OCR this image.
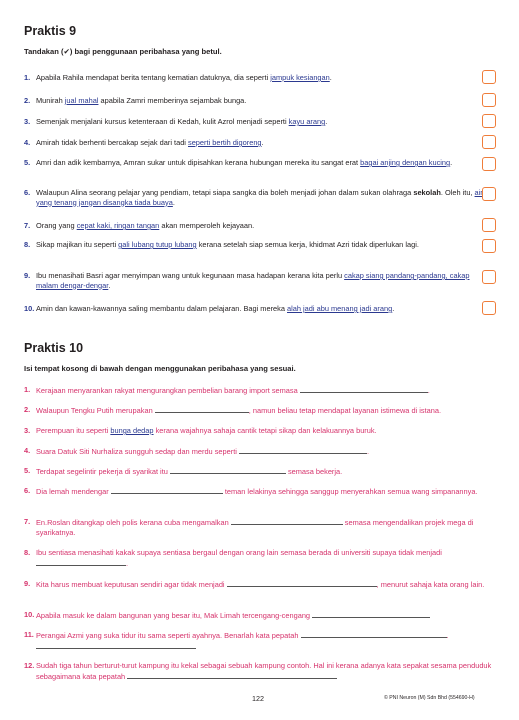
Praktis 9
Tandakan (✔) bagi penggunaan peribahasa yang betul.
1. Apabila Rahila mendapat berita tentang kematian datuknya, dia seperti jampuk kesiangan.
2. Munirah jual mahal apabila Zamri memberinya sejambak bunga.
3. Semenjak menjalani kursus ketenteraan di Kedah, kulit Azrol menjadi seperti kayu arang.
4. Amirah tidak berhenti bercakap sejak dari tadi seperti bertih digoreng.
5. Amri dan adik kembarnya, Amran sukar untuk dipisahkan kerana hubungan mereka itu sangat erat bagai anjing dengan kucing.
6. Walaupun Alina seorang pelajar yang pendiam, tetapi siapa sangka dia boleh menjadi johan dalam sukan olahraga sekolah. Oleh itu, air yang tenang jangan disangka tiada buaya.
7. Orang yang cepat kaki, ringan tangan akan memperoleh kejayaan.
8. Sikap majikan itu seperti gali lubang tutup lubang kerana setelah siap semua kerja, khidmat Azri tidak diperlukan lagi.
9. Ibu menasihati Basri agar menyimpan wang untuk kegunaan masa hadapan kerana kita perlu cakap siang pandang-pandang, cakap malam dengar-dengar.
10. Amin dan kawan-kawannya saling membantu dalam pelajaran. Bagi mereka alah jadi abu menang jadi arang.
Praktis 10
Isi tempat kosong di bawah dengan menggunakan peribahasa yang sesuai.
1. Kerajaan menyarankan rakyat mengurangkan pembelian barang import semasa	.
2. Walaupun Tengku Putih merupakan	, namun beliau tetap mendapat layanan istimewa di istana.
3. Perempuan itu seperti bunga dedap kerana wajahnya sahaja cantik tetapi sikap dan kelakuannya buruk.
4. Suara Datuk Siti Nurhaliza sungguh sedap dan merdu seperti	.
5. Terdapat segelintir pekerja di syarikat itu	semasa bekerja.
6. Dia lemah mendengar	teman lelakinya sehingga sanggup menyerahkan semua wang simpanannya.
7. En.Roslan ditangkap oleh polis kerana cuba mengamalkan	semasa mengendalikan projek mega di syarikatnya.
8. Ibu sentiasa menasihati kakak supaya sentiasa bergaul dengan orang lain semasa berada di universiti supaya tidak menjadi .
9. Kita harus membuat keputusan sendiri agar tidak menjadi	, menurut sahaja kata orang lain.
10. Apabila masuk ke dalam bangunan yang besar itu, Mak Limah tercengang-cengang
11. Perangai Azmi yang suka tidur itu sama seperti ayahnya. Benarlah kata pepatah	.

12. Sudah tiga tahun berturut-turut kampung itu kekal sebagai sebuah kampung contoh. Hal ini kerana adanya kata sepakat sesama penduduk sebagaimana kata pepatah
122	© PNI Neuron (M) Sdn Bhd (554690-H)
